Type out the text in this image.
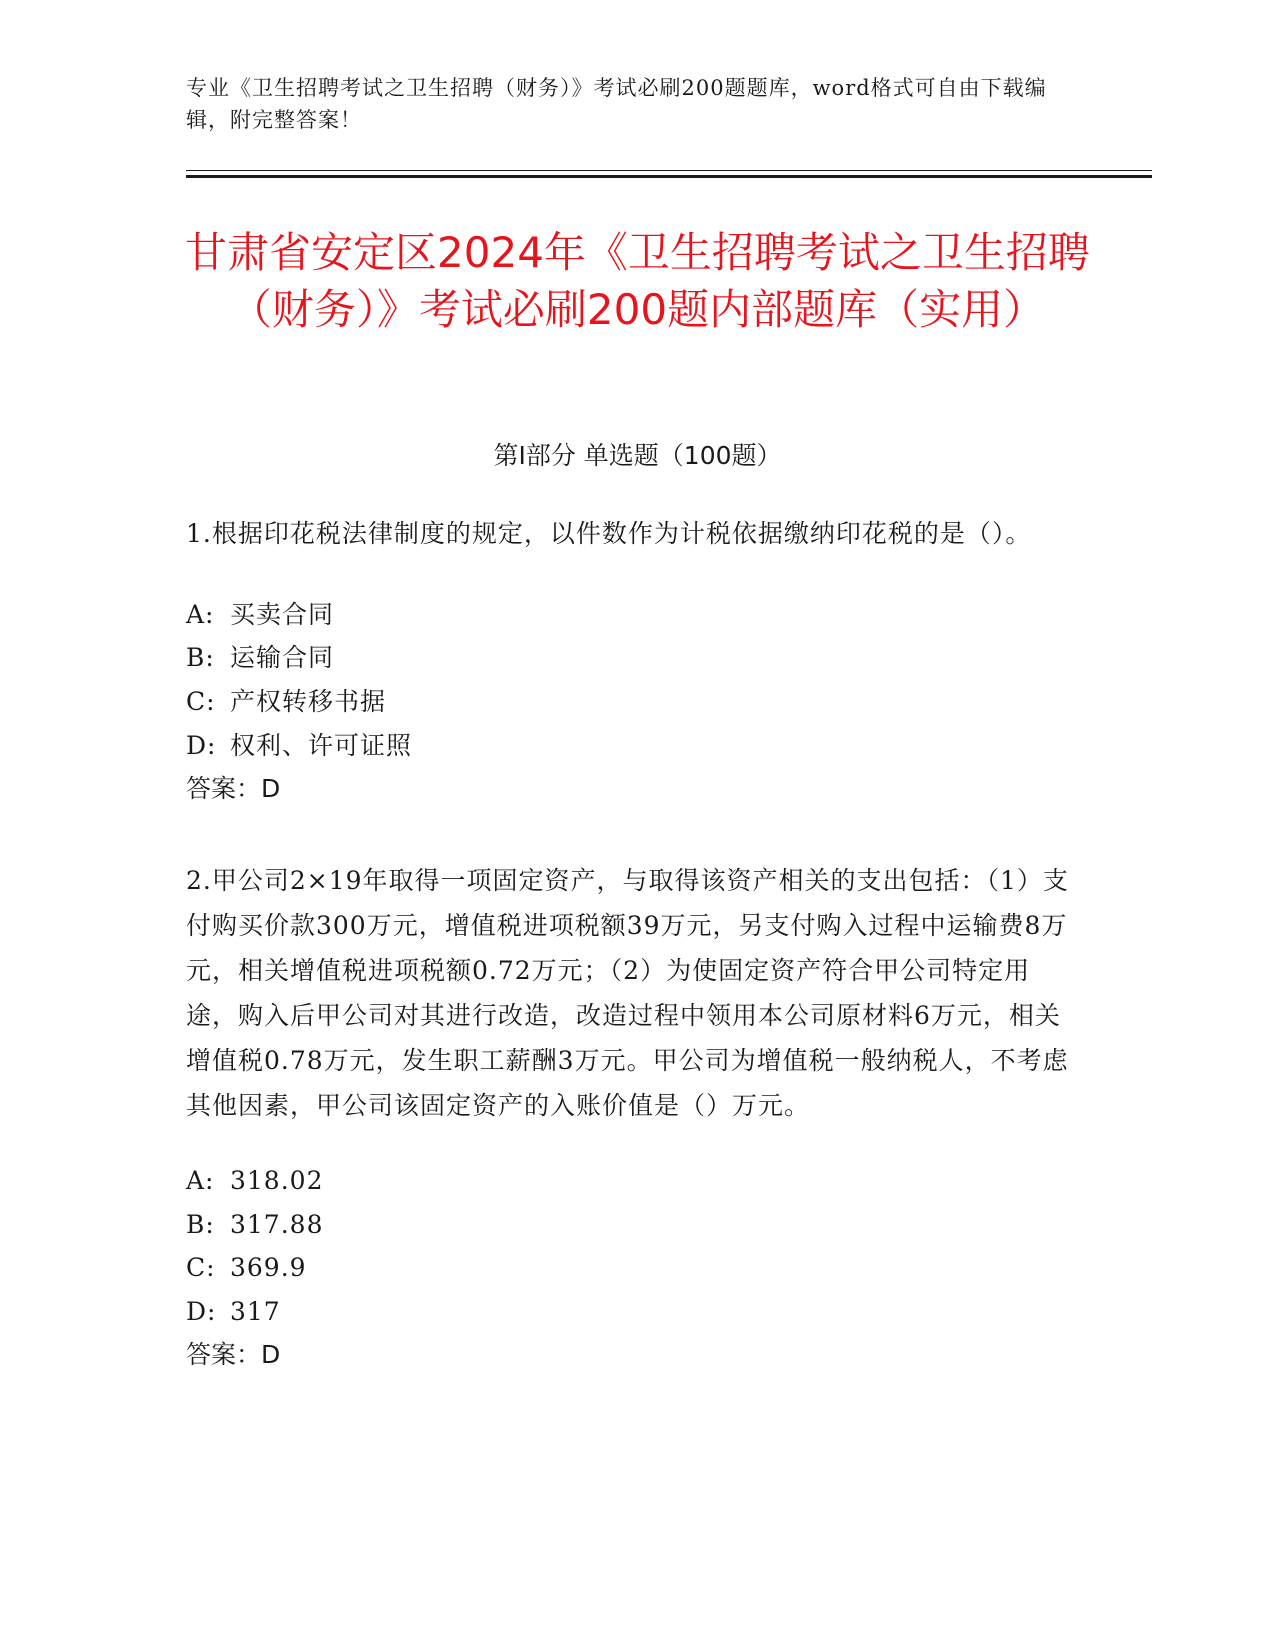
专业《卫生招聘考试之卫生招聘（财务）》考试必刷200题题库，word格式可自由下载编辑，附完整答案！
甘肃省安定区2024年《卫生招聘考试之卫生招聘（财务）》考试必刷200题内部题库（实用）
第I部分 单选题（100题）
1.根据印花税法律制度的规定，以件数作为计税依据缴纳印花税的是（）。
A: 买卖合同
B: 运输合同
C: 产权转移书据
D: 权利、许可证照
答案：D
2.甲公司2×19年取得一项固定资产，与取得该资产相关的支出包括：（1）支付购买价款300万元，增值税进项税额39万元，另支付购入过程中运输费8万元，相关增值税进项税额0.72万元；（2）为使固定资产符合甲公司特定用途，购入后甲公司对其进行改造，改造过程中领用本公司原材料6万元，相关增值税0.78万元，发生职工薪酬3万元。甲公司为增值税一般纳税人，不考虑其他因素，甲公司该固定资产的入账价值是（）万元。
A: 318.02
B: 317.88
C: 369.9
D: 317
答案：D
